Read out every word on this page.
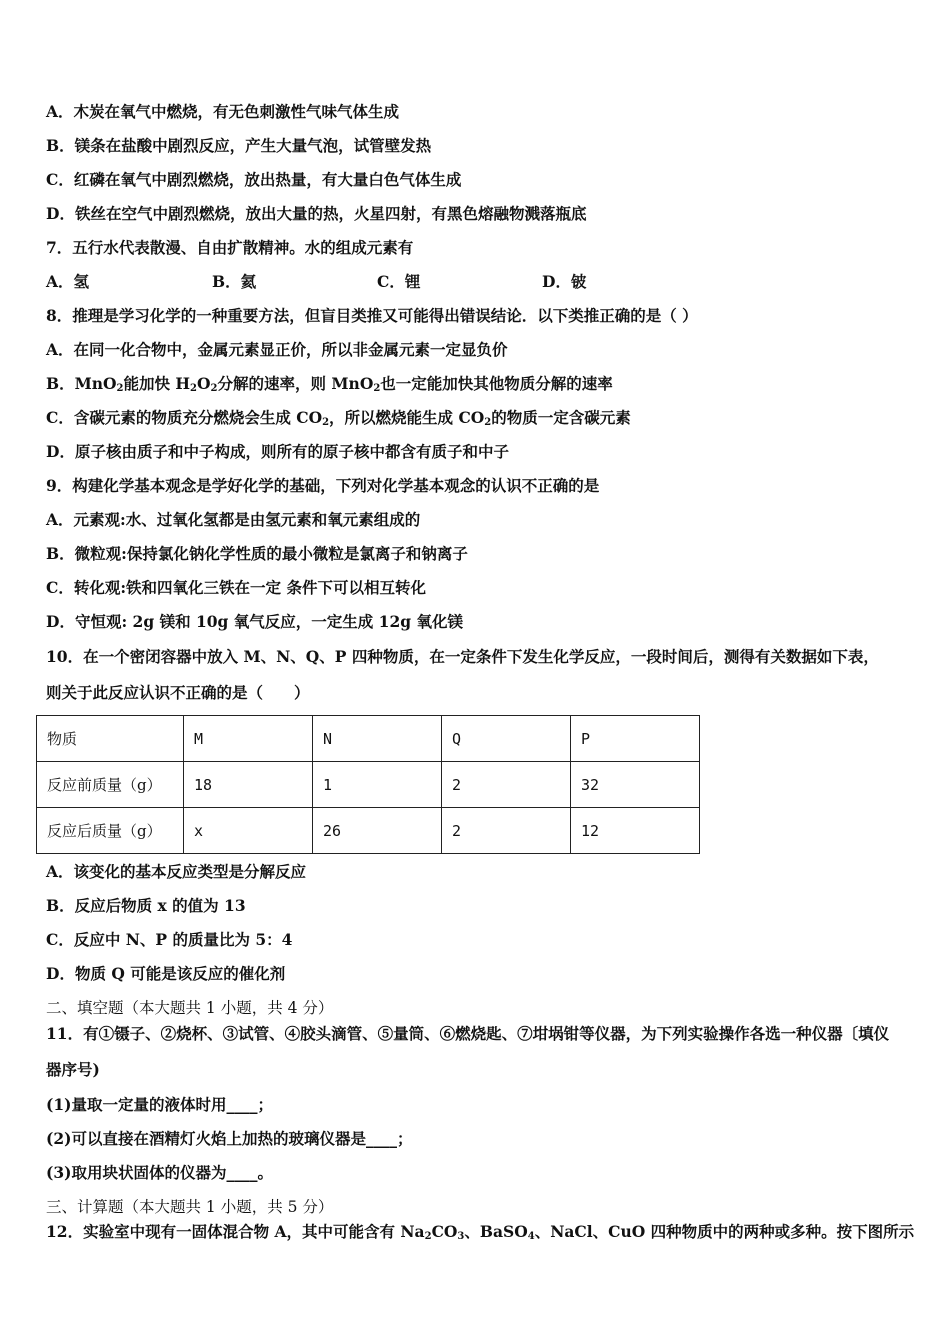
A．木炭在氧气中燃烧，有无色刺激性气味气体生成
B．镁条在盐酸中剧烈反应，产生大量气泡，试管壁发热
C．红磷在氧气中剧烈燃烧，放出热量，有大量白色气体生成
D．铁丝在空气中剧烈燃烧，放出大量的热，火星四射，有黑色熔融物溅落瓶底
7．五行水代表散漫、自由扩散精神。水的组成元素有
A．氢	B．氦	C．锂	D．铍
8．推理是学习化学的一种重要方法，但盲目类推又可能得出错误结论．以下类推正确的是（ ）
A．在同一化合物中，金属元素显正价，所以非金属元素一定显负价
B．MnO$_2$能加快 $H_2O_2$分解的速率，则 MnO$_2$也一定能加快其他物质分解的速率
C．含碳元素的物质充分燃烧会生成 $CO_2$，所以燃烧能生成 $CO_2$的物质一定含碳元素
D．原子核由质子和中子构成，则所有的原子核中都含有质子和中子
9．构建化学基本观念是学好化学的基础，下列对化学基本观念的认识不正确的是
A．元素观:水、过氧化氢都是由氢元素和氧元素组成的
B．微粒观:保持氯化钠化学性质的最小微粒是氯离子和钠离子
C．转化观:铁和四氧化三铁在一定 条件下可以相互转化
D．守恒观: 2g 镁和 10g 氧气反应，一定生成 12g 氧化镁
10．在一个密闭容器中放入 M、N、Q、P 四种物质，在一定条件下发生化学反应，一段时间后，测得有关数据如下表，
则关于此反应认识不正确的是（　　）
物质	M	N	Q	P
反应前质量（g）	18	1	2	32
反应后质量（g）	x	26	2	12
A．该变化的基本反应类型是分解反应
B．反应后物质 x 的值为 13
C．反应中 N、P 的质量比为 5：4
D．物质 Q 可能是该反应的催化剂
二、填空题（本大题共 1 小题，共 4 分）
11．有①镊子、②烧杯、③试管、④胶头滴管、⑤量筒、⑥燃烧匙、⑦坩埚钳等仪器，为下列实验操作各选一种仪器〔填仪
器序号)
(1)量取一定量的液体时用____；
(2)可以直接在酒精灯火焰上加热的玻璃仪器是____；
(3)取用块状固体的仪器为____。
三、计算题（本大题共 1 小题，共 5 分）
12．实验室中现有一固体混合物 A，其中可能含有 $Na_2CO_3$、BaSO$_4$、NaCl、CuO 四种物质中的两种或多种。按下图所示
